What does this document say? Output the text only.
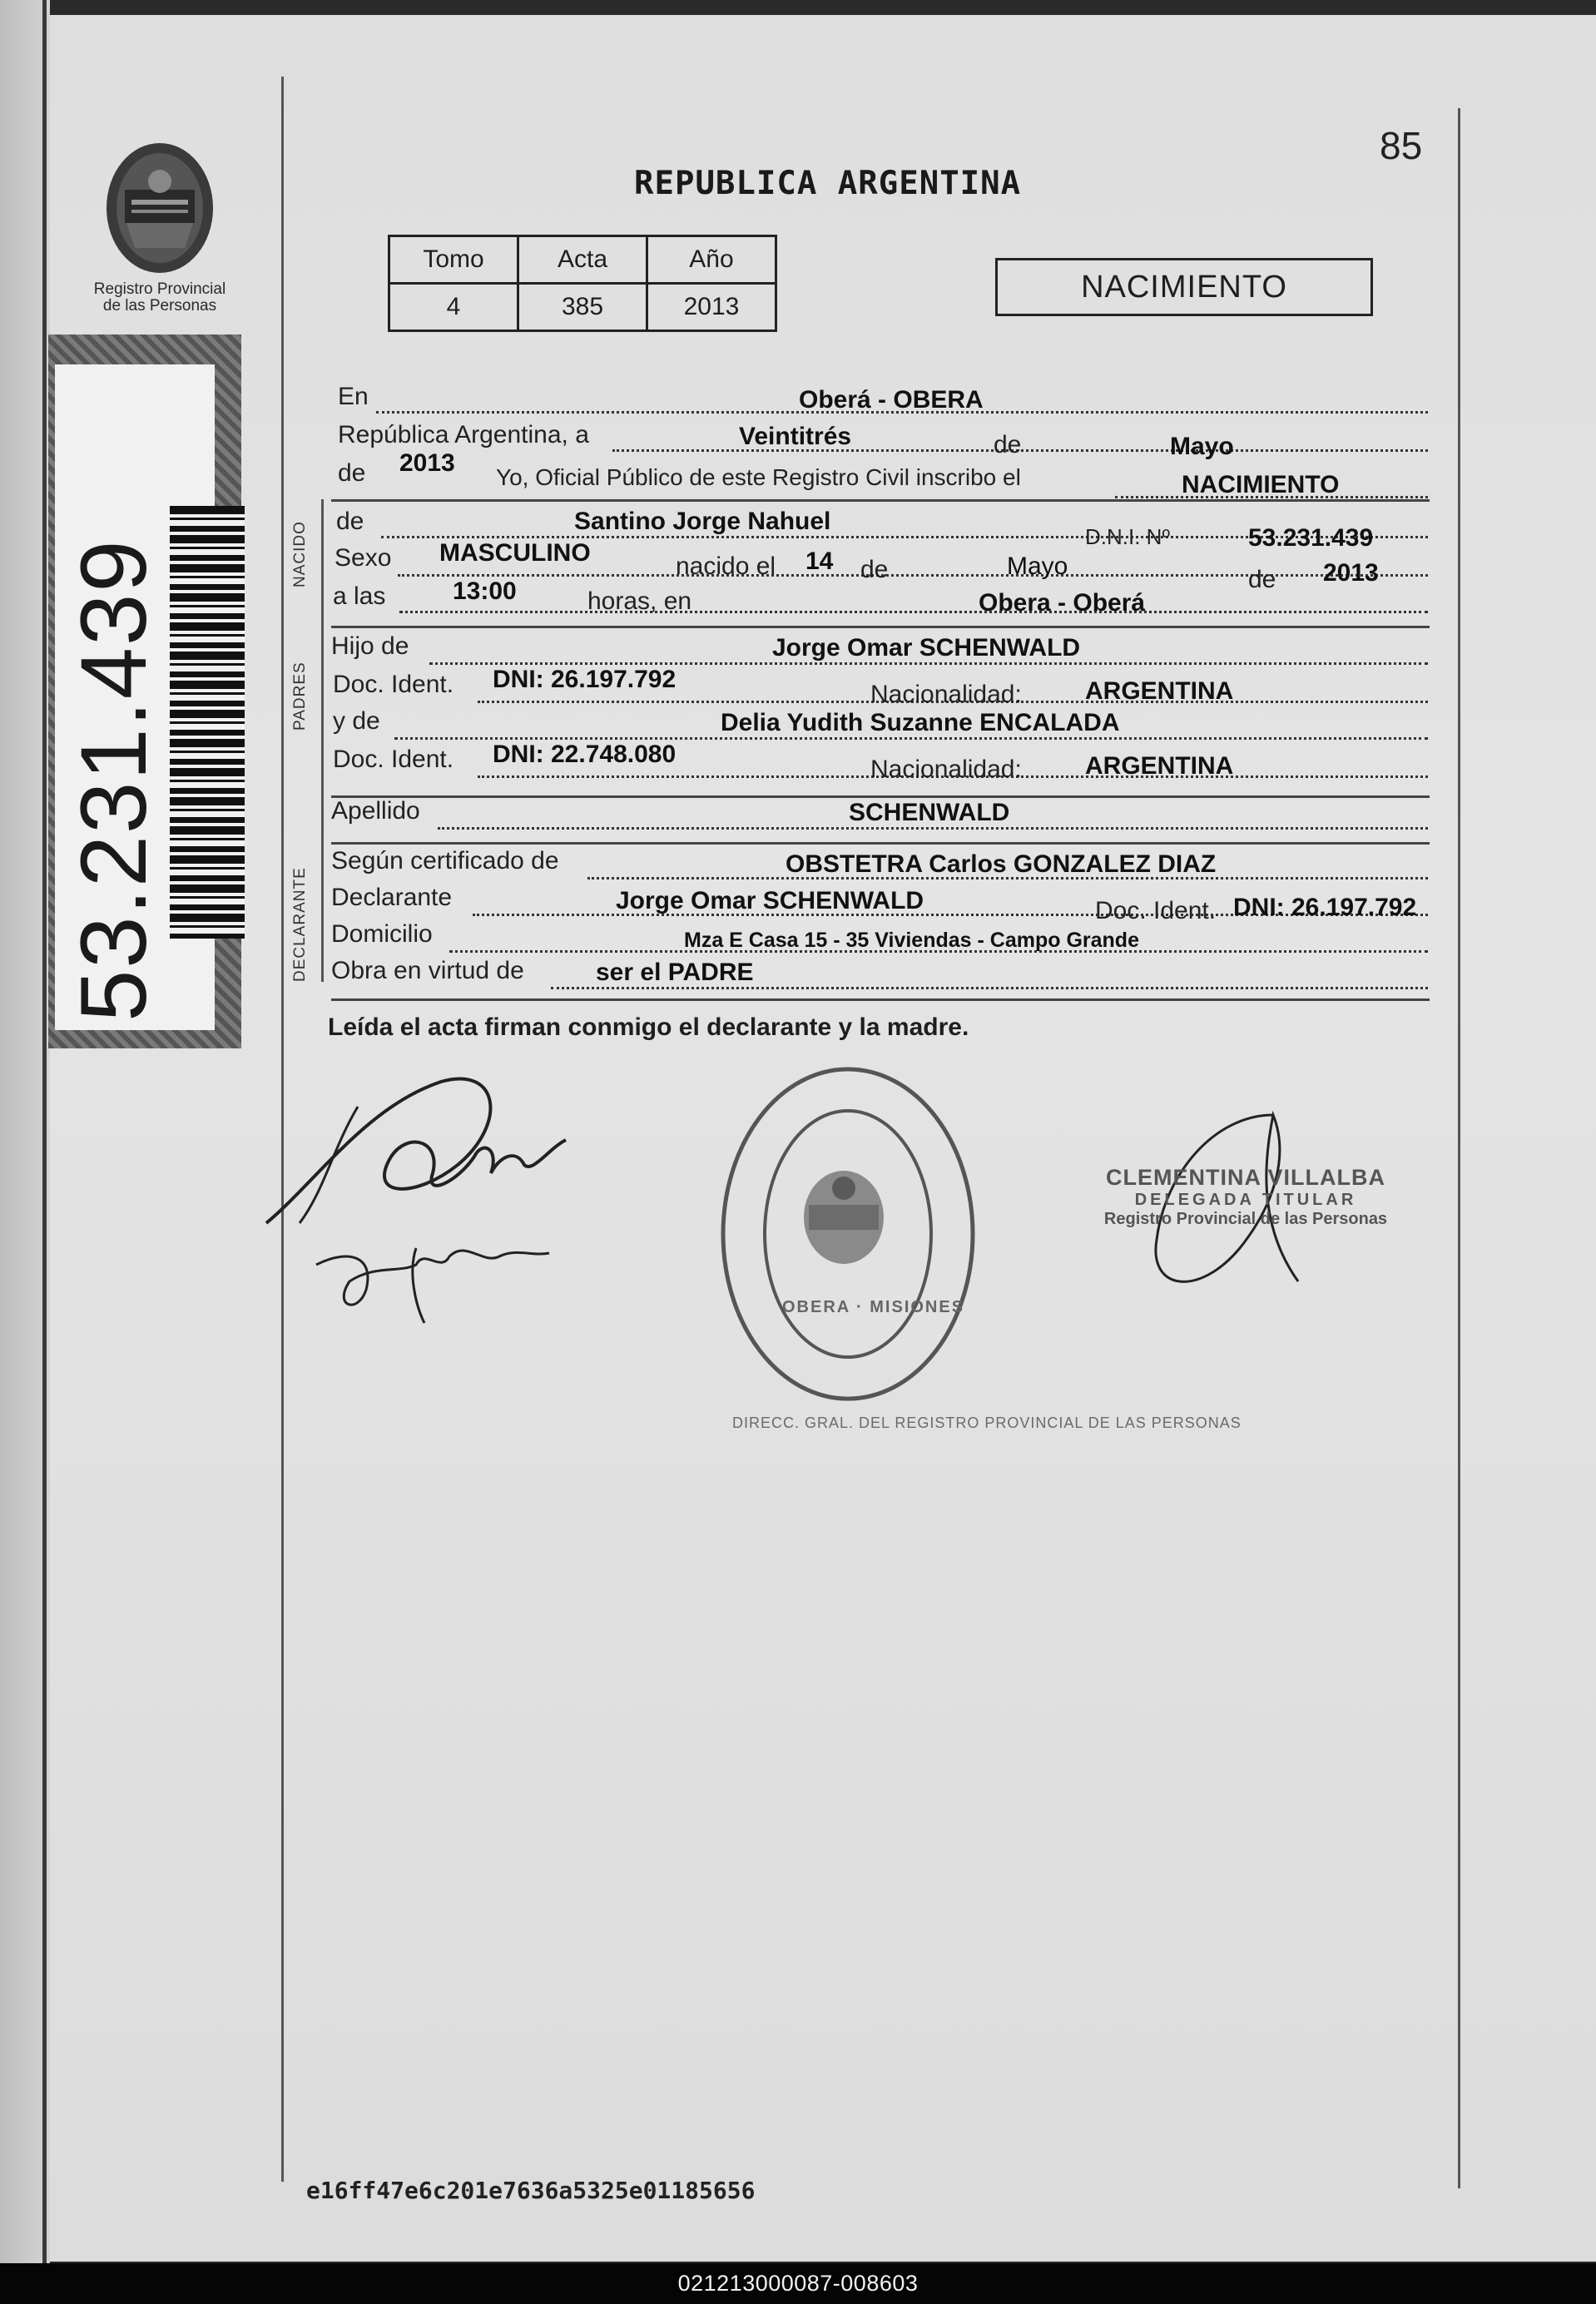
Registro Provincial
de las Personas
53.231.439
85
REPUBLICA ARGENTINA
Tomo	Acta	Año
4	385	2013
NACIMIENTO
NACIDO
PADRES
DECLARANTE
En	Oberá - OBERA
República Argentina, a	Veintitrés	de	Mayo
de 2013
Yo, Oficial Público de este Registro Civil inscribo el	NACIMIENTO
de	Santino Jorge Nahuel
D.N.I. Nº	53.231.439
Sexo MASCULINO	nacido el 14 de	Mayo	de 2013
a las	13:00	horas, en	Obera - Oberá
Hijo de	Jorge Omar SCHENWALD
Doc. Ident. DNI: 26.197.792
Nacionalidad:	ARGENTINA
y de	Delia Yudith Suzanne ENCALADA
Doc. Ident. DNI: 22.748.080
Nacionalidad:	ARGENTINA
Apellido	SCHENWALD
Según certificado de	OBSTETRA Carlos GONZALEZ DIAZ
Declarante	Jorge Omar SCHENWALD	Doc. Ident. DNI: 26.197.792
Domicilio	Mza E Casa 15 - 35 Viviendas - Campo Grande
Obra en virtud de	ser el PADRE
Leída el acta firman conmigo el declarante y la madre.
DIRECC. GRAL. DEL REGISTRO PROVINCIAL DE LAS PERSONAS
OBERA · MISIONES
CLEMENTINA VILLALBA
DELEGADA TITULAR
Registro Provincial de las Personas
e16ff47e6c201e7636a5325e01185656
021213000087-008603
